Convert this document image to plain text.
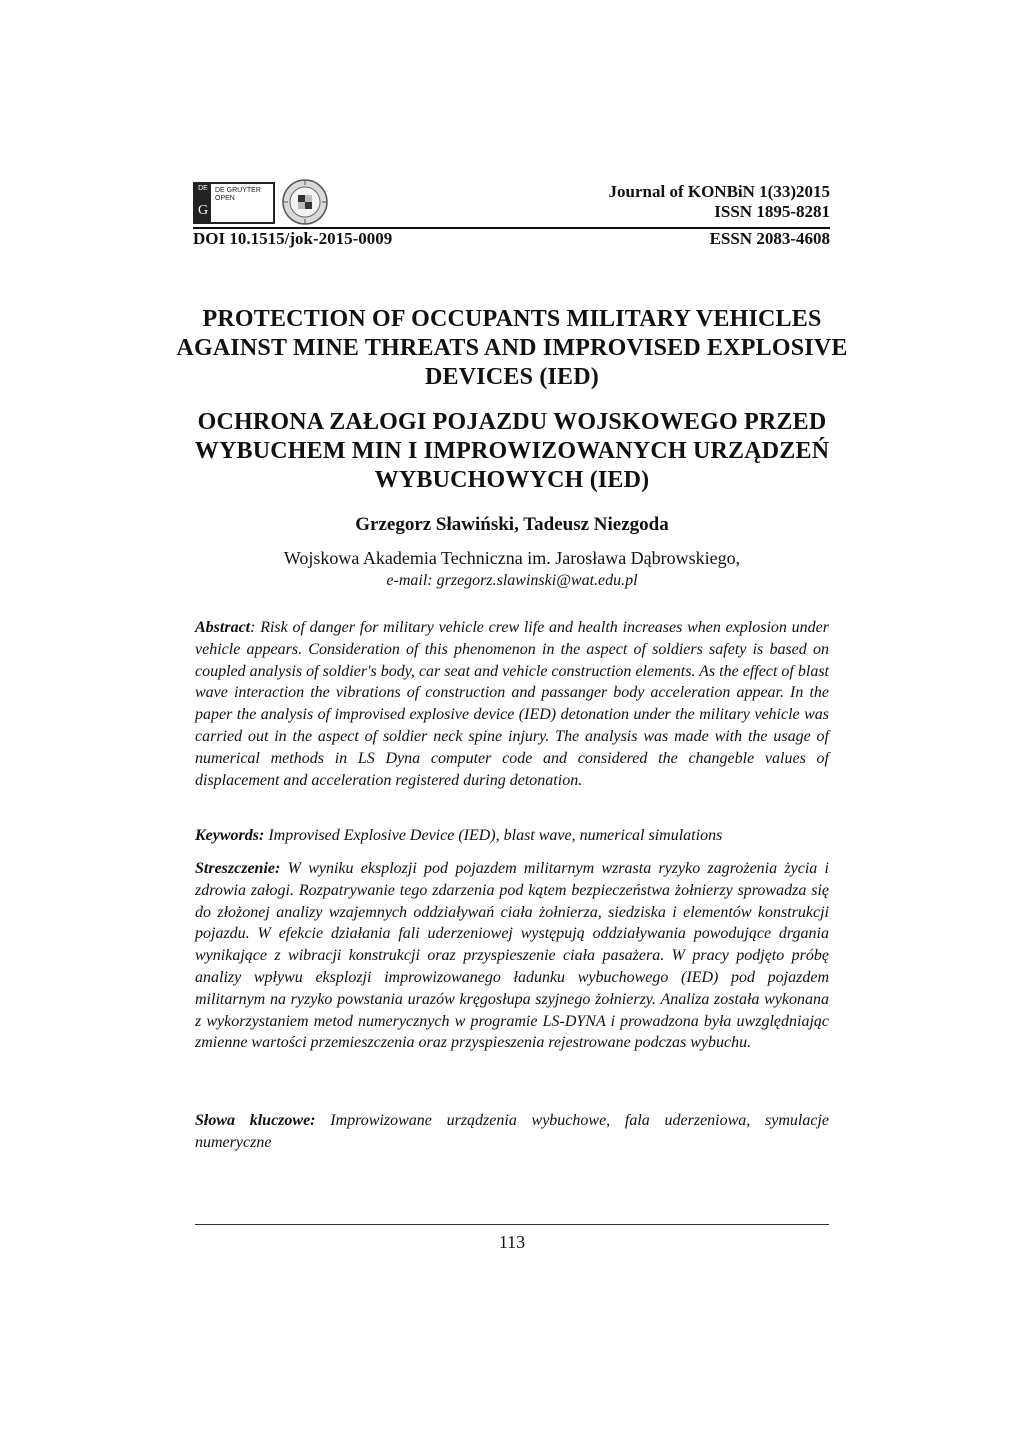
DE
G
DE GRUYTER OPEN	Journal of KONBiN 1(33)2015
ISSN 1895-8281
DOI 10.1515/jok-2015-0009	ESSN 2083-4608
PROTECTION OF OCCUPANTS MILITARY VEHICLES AGAINST MINE THREATS AND IMPROVISED EXPLOSIVE DEVICES (IED)
OCHRONA ZAŁOGI POJAZDU WOJSKOWEGO PRZED WYBUCHEM MIN I IMPROWIZOWANYCH URZĄDZEŃ WYBUCHOWYCH (IED)
Grzegorz Sławiński, Tadeusz Niezgoda
Wojskowa Akademia Techniczna im. Jarosława Dąbrowskiego,
e-mail: grzegorz.slawinski@wat.edu.pl
Abstract: Risk of danger for military vehicle crew life and health increases when explosion under vehicle appears. Consideration of this phenomenon in the aspect of soldiers safety is based on coupled analysis of soldier's body, car seat and vehicle construction elements. As the effect of blast wave interaction the vibrations of construction and passanger body acceleration appear. In the paper the analysis of improvised explosive device (IED) detonation under the military vehicle was carried out in the aspect of soldier neck spine injury. The analysis was made with the usage of numerical methods in LS Dyna computer code and considered the changeble values of displacement and acceleration registered during detonation.
Keywords: Improvised Explosive Device (IED), blast wave, numerical simulations
Streszczenie: W wyniku eksplozji pod pojazdem militarnym wzrasta ryzyko zagrożenia życia i zdrowia załogi. Rozpatrywanie tego zdarzenia pod kątem bezpieczeństwa żołnierzy sprowadza się do złożonej analizy wzajemnych oddziaływań ciała żołnierza, siedziska i elementów konstrukcji pojazdu. W efekcie działania fali uderzeniowej występują oddziaływania powodujące drgania wynikające z wibracji konstrukcji oraz przyspieszenie ciała pasażera. W pracy podjęto próbę analizy wpływu eksplozji improwizowanego ładunku wybuchowego (IED) pod pojazdem militarnym na ryzyko powstania urazów kręgosłupa szyjnego żołnierzy. Analiza została wykonana z wykorzystaniem metod numerycznych w programie LS-DYNA i prowadzona była uwzględniając zmienne wartości przemieszczenia oraz przyspieszenia rejestrowane podczas wybuchu.
Słowa kluczowe: Improwizowane urządzenia wybuchowe, fala uderzeniowa, symulacje numeryczne
113
